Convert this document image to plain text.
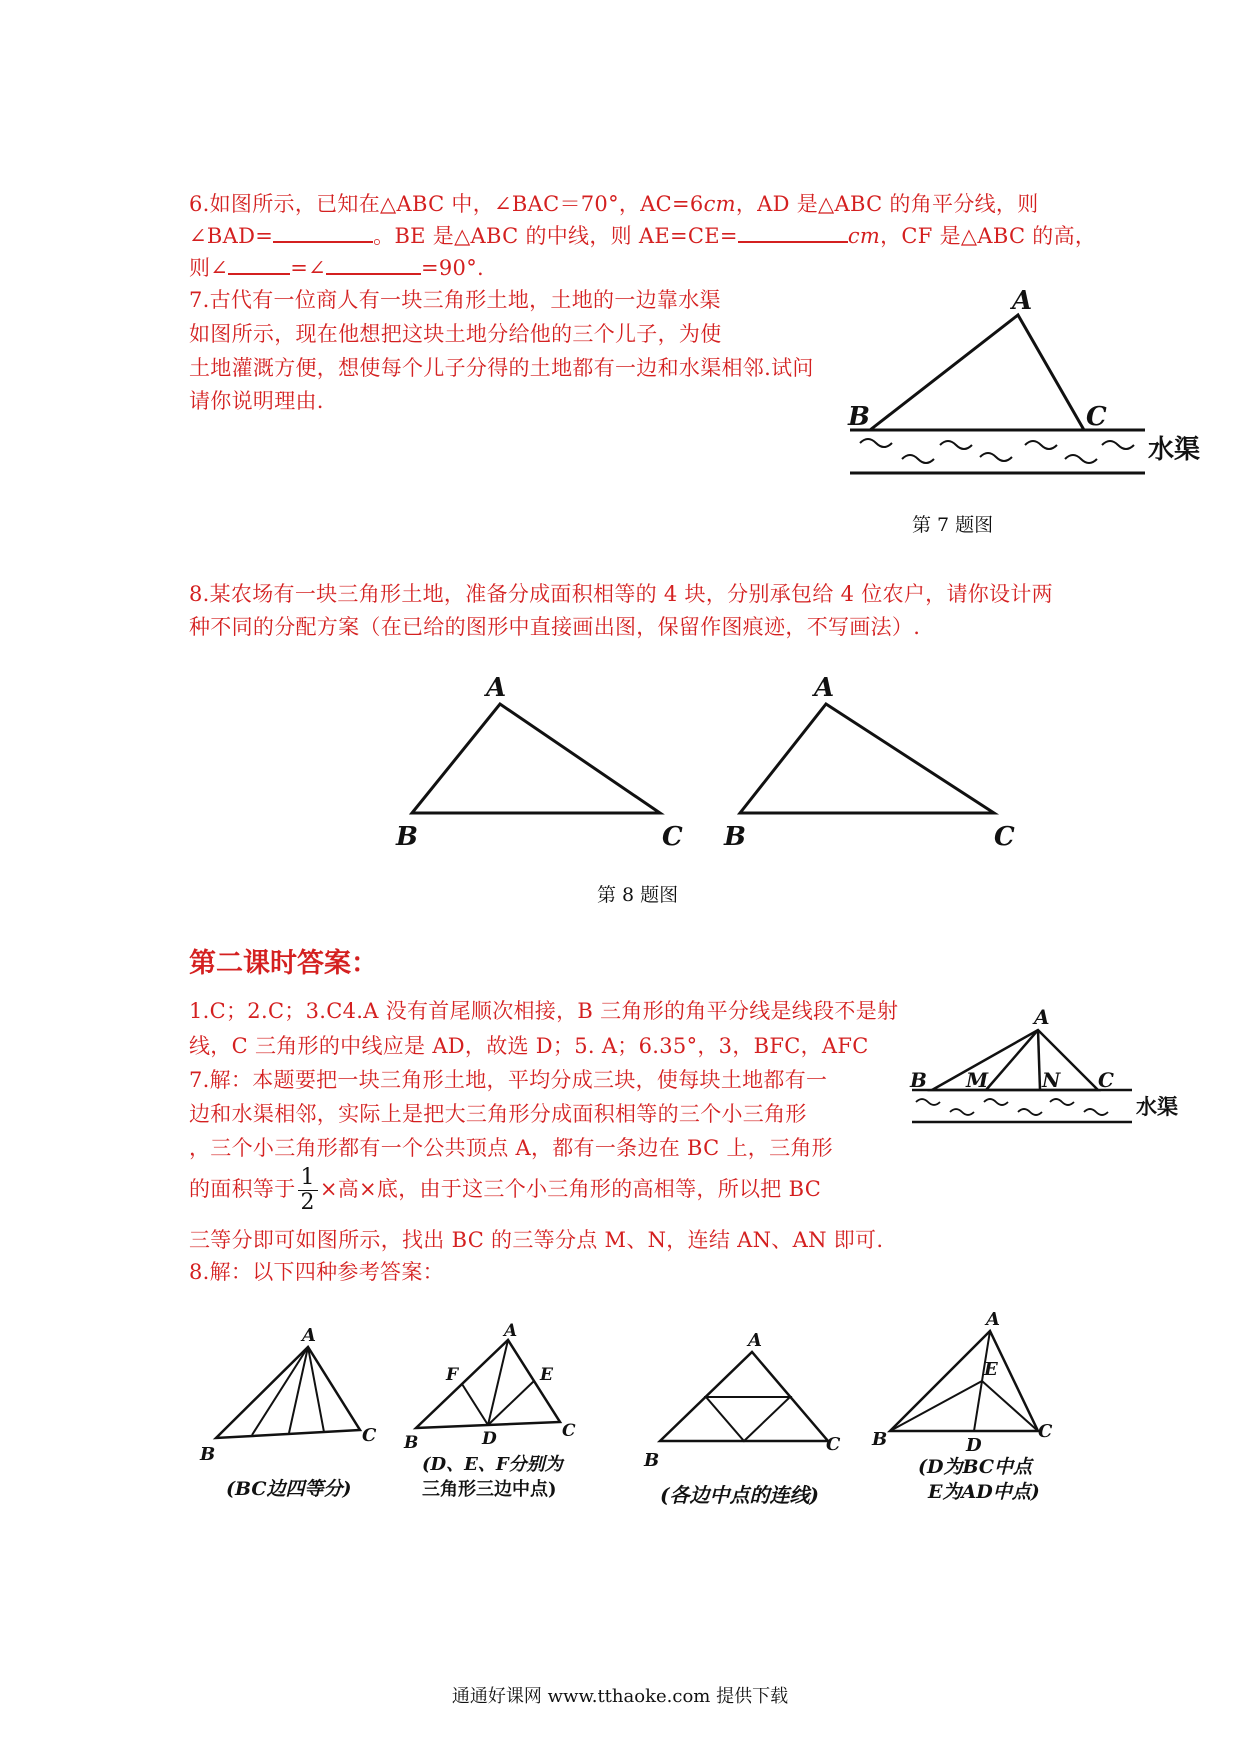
6.如图所示，已知在△ABC 中，∠BAC＝70°，AC=6cm，AD 是△ABC 的角平分线，则
∠BAD=	。BE 是△ABC 的中线，则 AE=CE=	cm，CF 是△ABC 的高，
则∠	=∠	=90°.
7.古代有一位商人有一块三角形土地，土地的一边靠水渠
如图所示，现在他想把这块土地分给他的三个儿子，为使
土地灌溉方便，想使每个儿子分得的土地都有一边和水渠相邻.试问
请你说明理由.
A
B	C
水渠
第 7 题图
8.某农场有一块三角形土地，准备分成面积相等的 4 块，分别承包给 4 位农户，请你设计两
种不同的分配方案（在已给的图形中直接画出图，保留作图痕迹，不写画法）.
A
B	C
A
B	C
第 8 题图
第二课时答案：
1.C；2.C；3.C4.A 没有首尾顺次相接，B 三角形的角平分线是线段不是射
线，C 三角形的中线应是 AD，故选 D；5. A；6.35°，3，BFC，AFC
7.解：本题要把一块三角形土地，平均分成三块，使每块土地都有一
边和水渠相邻，实际上是把大三角形分成面积相等的三个小三角形
，三个小三角形都有一个公共顶点 A，都有一条边在 BC 上，三角形
的面积等于 $\frac{1}{2}$ ×高×底，由于这三个小三角形的高相等，所以把 BC
三等分即可如图所示，找出 BC 的三等分点 M、N，连结 AN、AN 即可.
8.解：以下四种参考答案：
A
B M	N C
水渠
A
B
C
(BC边四等分)
A
B
C
D
E
F
(D、E、F分别为
三角形三边中点)
A
B
C
(各边中点的连线)
A
B	C
D
E
(D为BC中点
E为AD中点)
通通好课网 www.tthaoke.com 提供下载
